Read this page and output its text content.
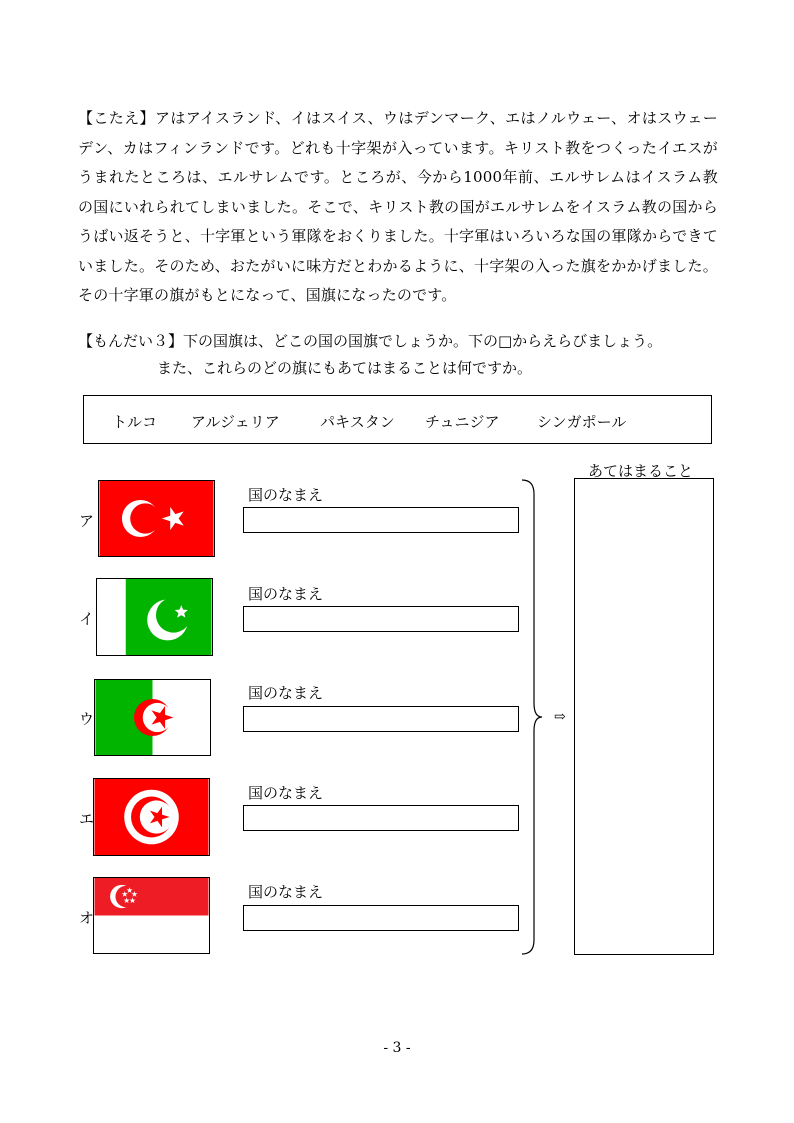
【こたえ】アはアイスランド、イはスイス、ウはデンマーク、エはノルウェー、オはスウェーデン、カはフィンランドです。どれも十字架が入っています。キリスト教をつくったイエスがうまれたところは、エルサレムです。ところが、今から1000年前、エルサレムはイスラム教の国にいれられてしまいました。そこで、キリスト教の国がエルサレムをイスラム教の国からうばい返そうと、十字軍という軍隊をおくりました。十字軍はいろいろな国の軍隊からできていました。そのため、おたがいに味方だとわかるように、十字架の入った旗をかかげました。その十字軍の旗がもとになって、国旗になったのです。
【もんだい３】下の国旗は、どこの国の国旗でしょうか。下の□からえらびましょう。
また、これらのどの旗にもあてはまることは何ですか。
トルコ アルジェリア	パキスタン チュニジア シンガポール
ア
国のなまえ
イ
国のなまえ
ウ
国のなまえ
エ
国のなまえ
オ
国のなまえ
⇨
あてはまること
- 3 -
